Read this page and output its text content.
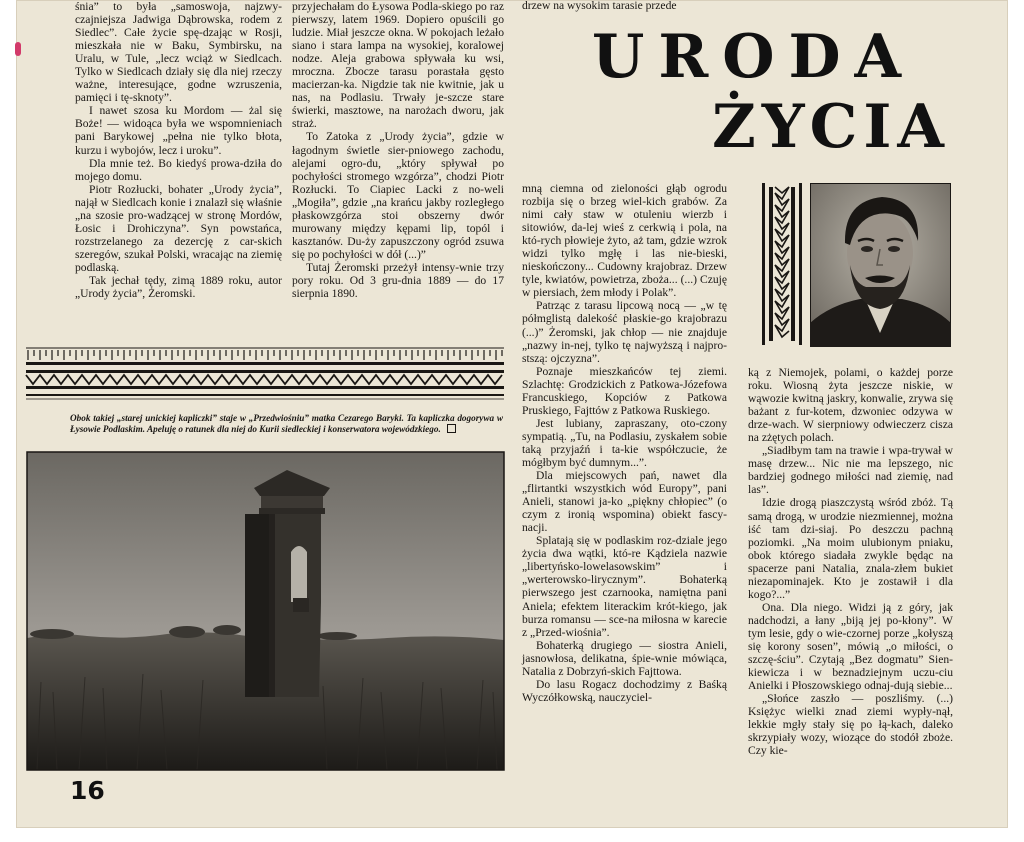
drzew na wysokim tarasie przede

śnia” to była „samoswoja, najzwy-czajniejsza Jadwiga Dąbrowska, rodem z Siedlec”. Całe życie spę-dzając w Rosji, mieszkała nie w Baku, Symbirsku, na Uralu, w Tule, „lecz wciąż w Siedlcach. Tylko w Siedlcach działy się dla niej rzeczy ważne, interesujące, godne wzruszenia, pamięci i tę-sknoty”.

I nawet szosa ku Mordom — żal się Boże! — widoąca była we wspomnieniach pani Barykowej „pełna nie tylko błota, kurzu i wybojów, lecz i uroku”.

Dla mnie też. Bo kiedyś prowa-dziła do mojego domu.

Piotr Rozłucki, bohater „Urody życia”, najął w Siedlcach konie i znalazł się właśnie „na szosie pro-wadzącej w stronę Mordów, Łosic i Drohiczyna”. Syn powstańca, rozstrzelanego za dezercję z car-skich szeregów, szukał Polski, wracając na ziemię podlaską.

Tak jechał tędy, zimą 1889 roku, autor „Urody życia”, Żeromski.

przyjechałam do Łysowa Podla-skiego po raz pierwszy, latem 1969. Dopiero opuścili go ludzie. Miał jeszcze okna. W pokojach leżało siano i stara lampa na wysokiej, koralowej nodze. Aleja grabowa spływała ku wsi, mroczna. Zbocze tarasu porastała gęsto macierzan-ka. Nigdzie tak nie kwitnie, jak u nas, na Podlasiu. Trwały je-szcze stare świerki, masztowe, na narożach dworu, jak straż.

To Zatoka z „Urody życia”, gdzie w łagodnym świetle sier-pniowego zachodu, alejami ogro-du, „który spływał po pochyłości stromego wzgórza”, chodzi Piotr Rozłucki. To Ciapiec Lacki z no-weli „Mogiła”, gdzie „na krańcu jakby rozległego płaskowzgórza stoi obszerny dwór murowany między kępami lip, topól i kasztanów. Du-ży zapuszczony ogród zsuwa się po pochyłości w dół (...)”

Tutaj Żeromski przeżył intensy-wnie trzy pory roku. Od 3 gru-dnia 1889 — do 17 sierpnia 1890.

URODA
ŻYCIA
Obok takiej „starej unickiej kapliczki” staje w „Przedwiośniu” matka Cezarego Baryki. Ta kapliczka dogorywa w Łysowie Podlaskim. Apeluję o ratunek dla niej do Kurii siedleckiej i konserwatora wojewódzkiego.

mną ciemna od zieloności głąb ogrodu rozbija się o brzeg wiel-kich grabów. Za nimi cały staw w otuleniu wierzb i sitowiów, da-lej wieś z cerkwią i pola, na któ-rych płowieje żyto, aż tam, gdzie wzrok widzi tylko mgłę i las nie-bieski, nieskończony... Cudowny krajobraz. Drzew tyle, kwiatów, powietrza, zboża... (...) Czuję w piersiach, żem młody i Polak”.

Patrząc z tarasu lipcową nocą — „w tę półmglistą dalekość płaskie-go krajobrazu (...)” Żeromski, jak chłop — nie znajduje „nazwy in-nej, tylko tę najwyższą i najpro-stszą: ojczyzna”.

Poznaje mieszkańców tej ziemi. Szlachtę: Grodzickich z Patkowa-Józefowa Francuskiego, Kopciów z Patkowa Pruskiego, Fajttów z Patkowa Ruskiego.

Jest lubiany, zapraszany, oto-czony sympatią. „Tu, na Podlasiu, zyskałem sobie taką przyjaźń i ta-kie współczucie, że mógłbym być dumnym...”.

Dla miejscowych pań, nawet dla „flirtantki wszystkich wód Europy”, pani Anieli, stanowi ja-ko „piękny chłopiec” (o czym z ironią wspomina) obiekt fascy-nacji.

Splatają się w podlaskim roz-dziale jego życia dwa wątki, któ-re Kądziela nazwie „libertyńsko-lowelasowskim” i „werterowsko-lirycznym”. Bohaterką pierwszego jest czarnooka, namiętna pani Aniela; efektem literackim krót-kiego, jak burza romansu — sce-na miłosna w karecie z „Przed-wiośnia”.

Bohaterką drugiego — siostra Anieli, jasnowłosa, delikatna, śpie-wnie mówiąca, Natalia z Dobrzyń-skich Fajttowa.

Do lasu Rogacz dochodzimy z Baśką Wyczółkowską, nauczyciel-

ką z Niemojek, polami, o każdej porze roku. Wiosną żyta jeszcze niskie, w wąwozie kwitną jaskry, konwalie, zrywa się bażant z fur-kotem, dzwoniec odzywa w drze-wach. W sierpniowy odwieczerz cisza na zżętych polach.

„Siadłbym tam na trawie i wpa-trywał w masę drzew... Nic nie ma lepszego, nic bardziej godnego miłości nad ziemię, nad las”.

Idzie drogą piaszczystą wśród zbóż. Tą samą drogą, w urodzie niezmiennej, można iść tam dzi-siaj. Po deszczu pachną poziomki. „Na moim ulubionym pniaku, obok którego siadała zwykle będąc na spacerze pani Natalia, znala-złem bukiet niezapominajek. Kto je zostawił i dla kogo?...”

Ona. Dla niego. Widzi ją z góry, jak nadchodzi, a łany „biją jej po-kłony”. W tym lesie, gdy o wie-czornej porze „kołyszą się korony sosen”, mówią „o miłości, o szczę-ściu”. Czytają „Bez dogmatu” Sien-kiewicza i w beznadziejnym uczu-ciu Anielki i Płoszowskiego odnaj-dują siebie...

„Słońce zaszło — poszliśmy. (...) Księżyc wielki znad ziemi wypły-nął, lekkie mgły stały się po łą-kach, daleko skrzypiały wozy, wiozące do stodół zboże. Czy kie-

16
